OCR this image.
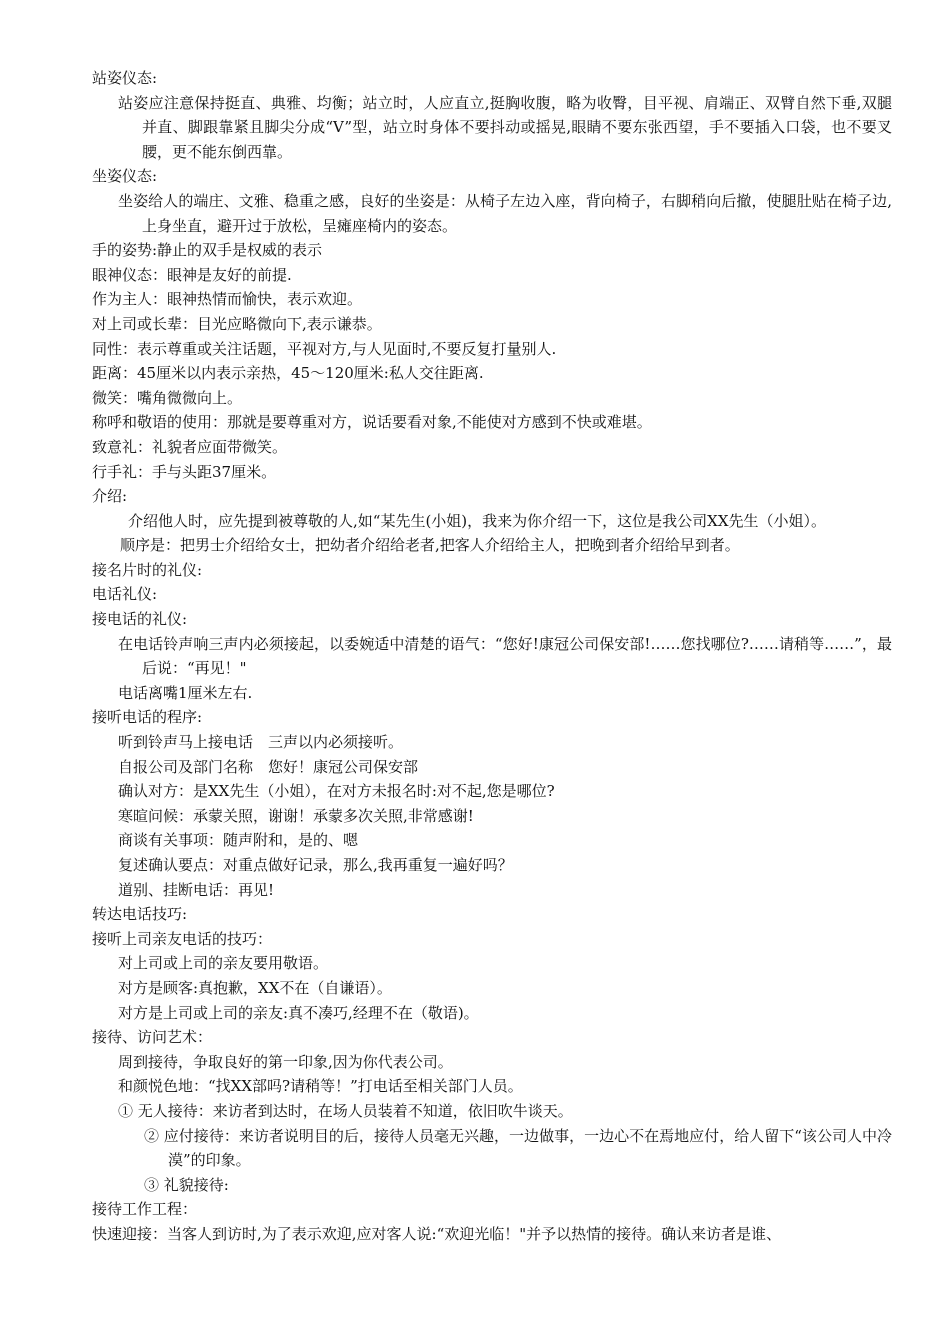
站姿仪态:

站姿应注意保持挺直、典雅、均衡；站立时，人应直立,挺胸收腹，略为收臀，目平视、肩端正、双臂自然下垂,双腿并直、脚跟靠紧且脚尖分成“V”型，站立时身体不要抖动或摇晃,眼睛不要东张西望，手不要插入口袋，也不要叉腰，更不能东倒西靠。

坐姿仪态:

坐姿给人的端庄、文雅、稳重之感，良好的坐姿是：从椅子左边入座，背向椅子，右脚稍向后撤，使腿肚贴在椅子边,上身坐直，避开过于放松，呈瘫座椅内的姿态。

手的姿势:静止的双手是权威的表示

眼神仪态：眼神是友好的前提.

作为主人：眼神热情而愉快，表示欢迎。

对上司或长辈：目光应略微向下,表示谦恭。

同性：表示尊重或关注话题，平视对方,与人见面时,不要反复打量别人.

距离：45厘米以内表示亲热，45～120厘米:私人交往距离.

微笑：嘴角微微向上。

称呼和敬语的使用：那就是要尊重对方，说话要看对象,不能使对方感到不快或难堪。

致意礼：礼貌者应面带微笑。

行手礼：手与头距37厘米。

介绍:

介绍他人时，应先提到被尊敬的人,如“某先生(小姐)，我来为你介绍一下，这位是我公司XX先生（小姐）。

顺序是：把男士介绍给女士，把幼者介绍给老者,把客人介绍给主人，把晚到者介绍给早到者。

接名片时的礼仪:

电话礼仪:

接电话的礼仪:

在电话铃声响三声内必须接起，以委婉适中清楚的语气：“您好!康冠公司保安部!……您找哪位?……请稍等……”，最后说：“再见！"

电话离嘴1厘米左右.

接听电话的程序:

听到铃声马上接电话　三声以内必须接听。

自报公司及部门名称　您好！康冠公司保安部

确认对方：是XX先生（小姐），在对方未报名时:对不起,您是哪位?

寒暄问候：承蒙关照，谢谢！承蒙多次关照,非常感谢!

商谈有关事项：随声附和，是的、嗯

复述确认要点：对重点做好记录，那么,我再重复一遍好吗？

道别、挂断电话：再见!

转达电话技巧:

接听上司亲友电话的技巧：

对上司或上司的亲友要用敬语。

对方是顾客:真抱歉，XX不在（自谦语）。

对方是上司或上司的亲友:真不凑巧,经理不在（敬语)。

接待、访问艺术：

周到接待，争取良好的第一印象,因为你代表公司。

和颜悦色地：“找XX部吗?请稍等！”打电话至相关部门人员。

① 无人接待：来访者到达时，在场人员装着不知道，依旧吹牛谈天。

② 应付接待：来访者说明目的后，接待人员毫无兴趣，一边做事，一边心不在焉地应付，给人留下“该公司人中冷漠”的印象。

③ 礼貌接待:

接待工作工程：

快速迎接：当客人到访时,为了表示欢迎,应对客人说:“欢迎光临！"并予以热情的接待。确认来访者是谁、
